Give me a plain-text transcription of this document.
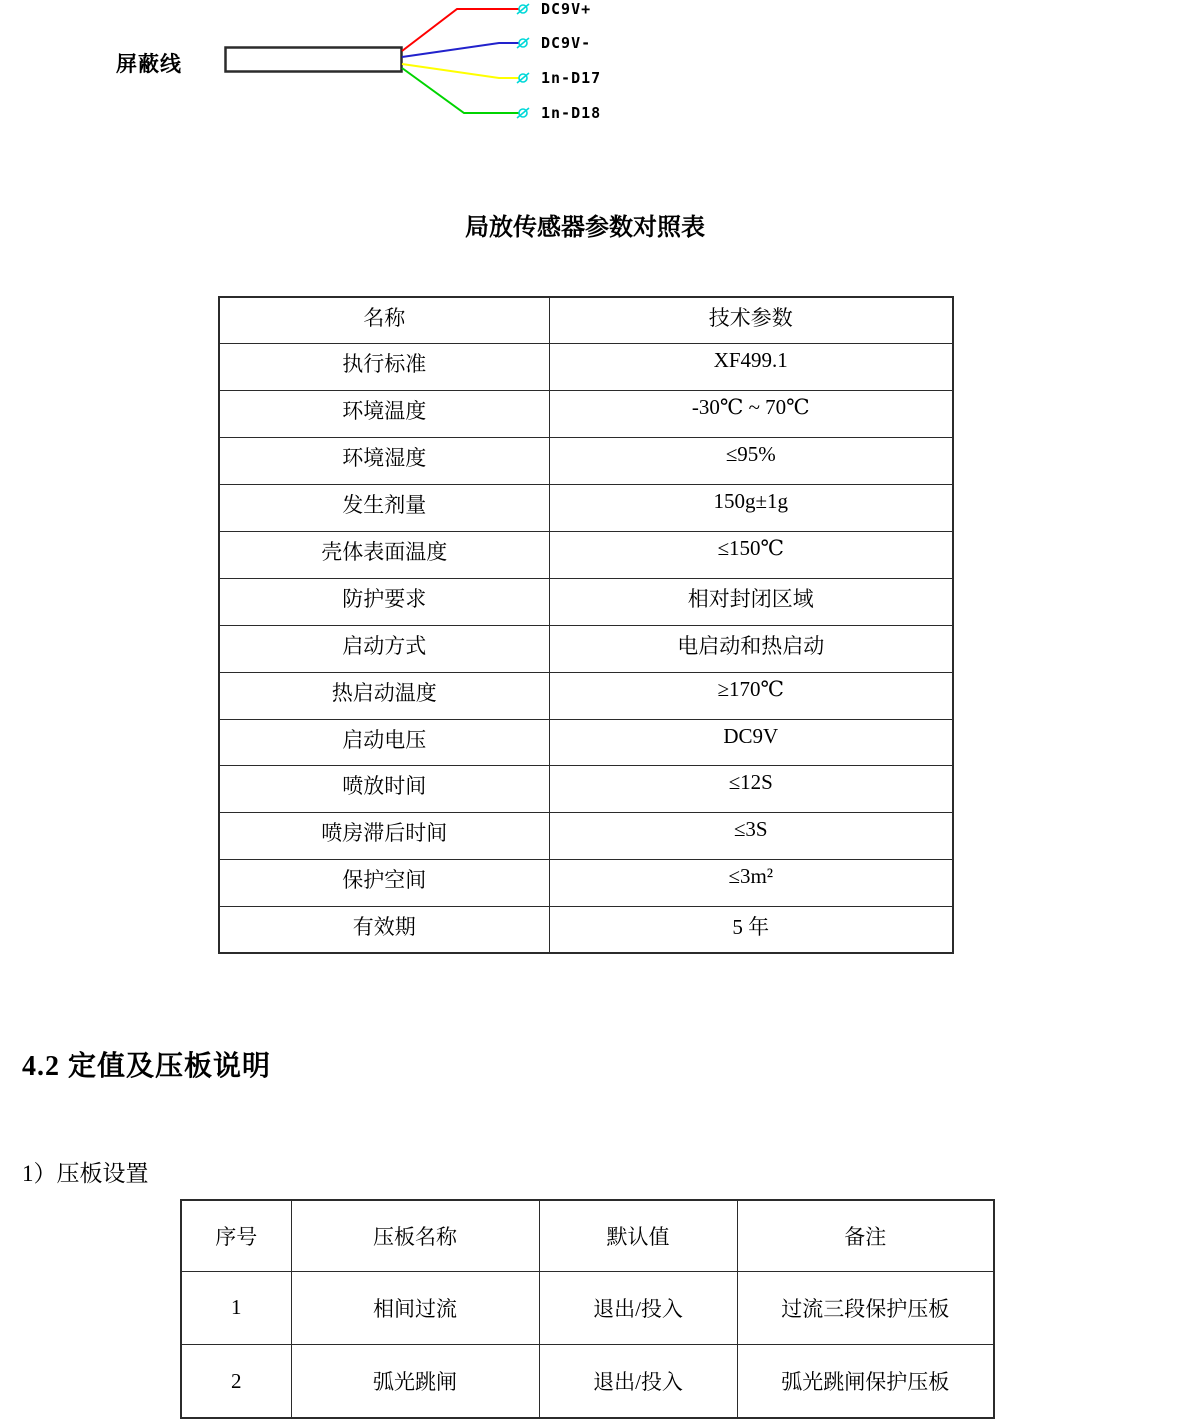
屏蔽线
DC9V+
DC9V-
1n-D17
1n-D18
局放传感器参数对照表
名称	技术参数
执行标准	XF499.1
环境温度	-30℃ ~ 70℃
环境湿度	≤95%
发生剂量	150g±1g
壳体表面温度	≤150℃
防护要求	相对封闭区域
启动方式	电启动和热启动
热启动温度	≥170℃
启动电压	DC9V
喷放时间	≤12S
喷房滞后时间	≤3S
保护空间	≤3m²
有效期	5 年
4.2 定值及压板说明
1）压板设置
序号	压板名称	默认值	备注
1	相间过流	退出/投入	过流三段保护压板
2	弧光跳闸	退出/投入	弧光跳闸保护压板
